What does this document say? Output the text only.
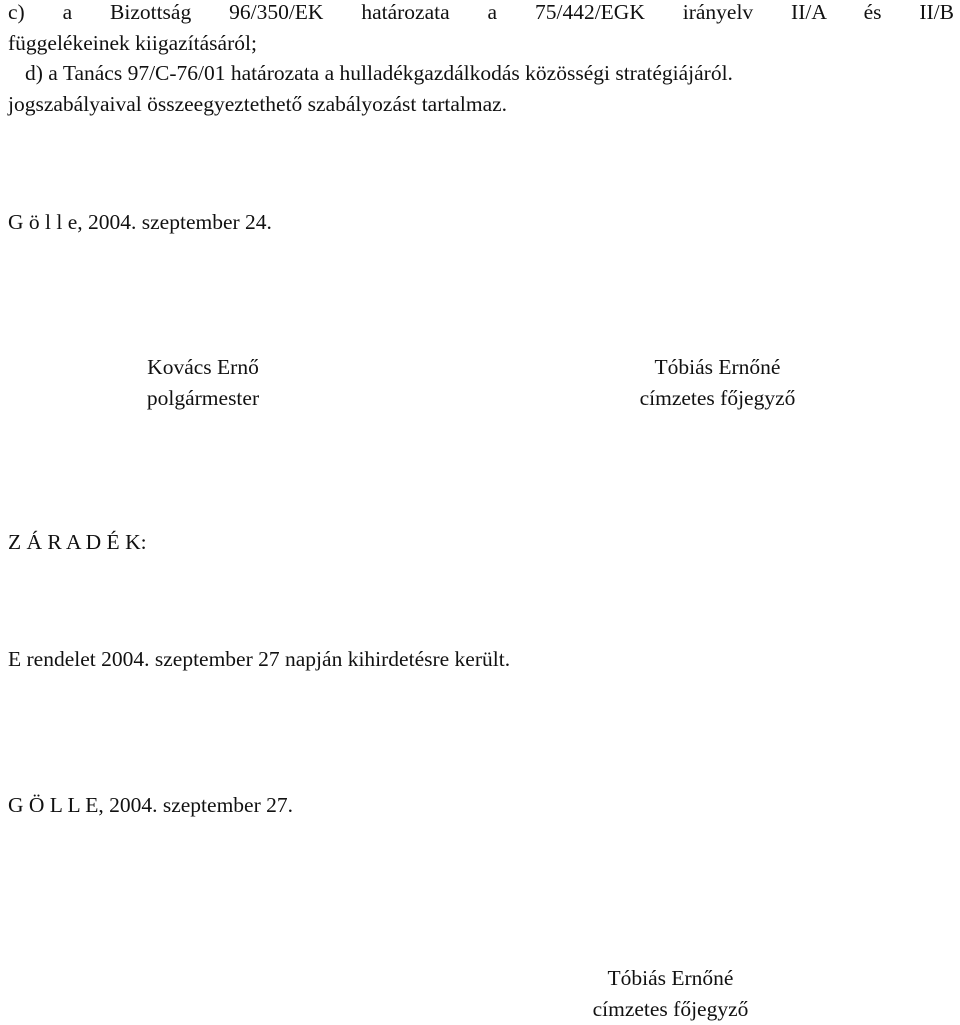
c) a Bizottság 96/350/EK határozata a 75/442/EGK irányelv II/A és II/B
függelékeinek kiigazításáról;
d) a Tanács 97/C-76/01 határozata a hulladékgazdálkodás közösségi stratégiájáról.
jogszabályaival összeegyeztethető szabályozást tartalmaz.
G ö l l e, 2004. szeptember 24.
Kovács Ernő
polgármester
Tóbiás Ernőné
címzetes főjegyző
Z Á R A D É K:
E rendelet 2004. szeptember 27 napján kihirdetésre került.
G Ö L L E, 2004. szeptember 27.
Tóbiás Ernőné
címzetes főjegyző
